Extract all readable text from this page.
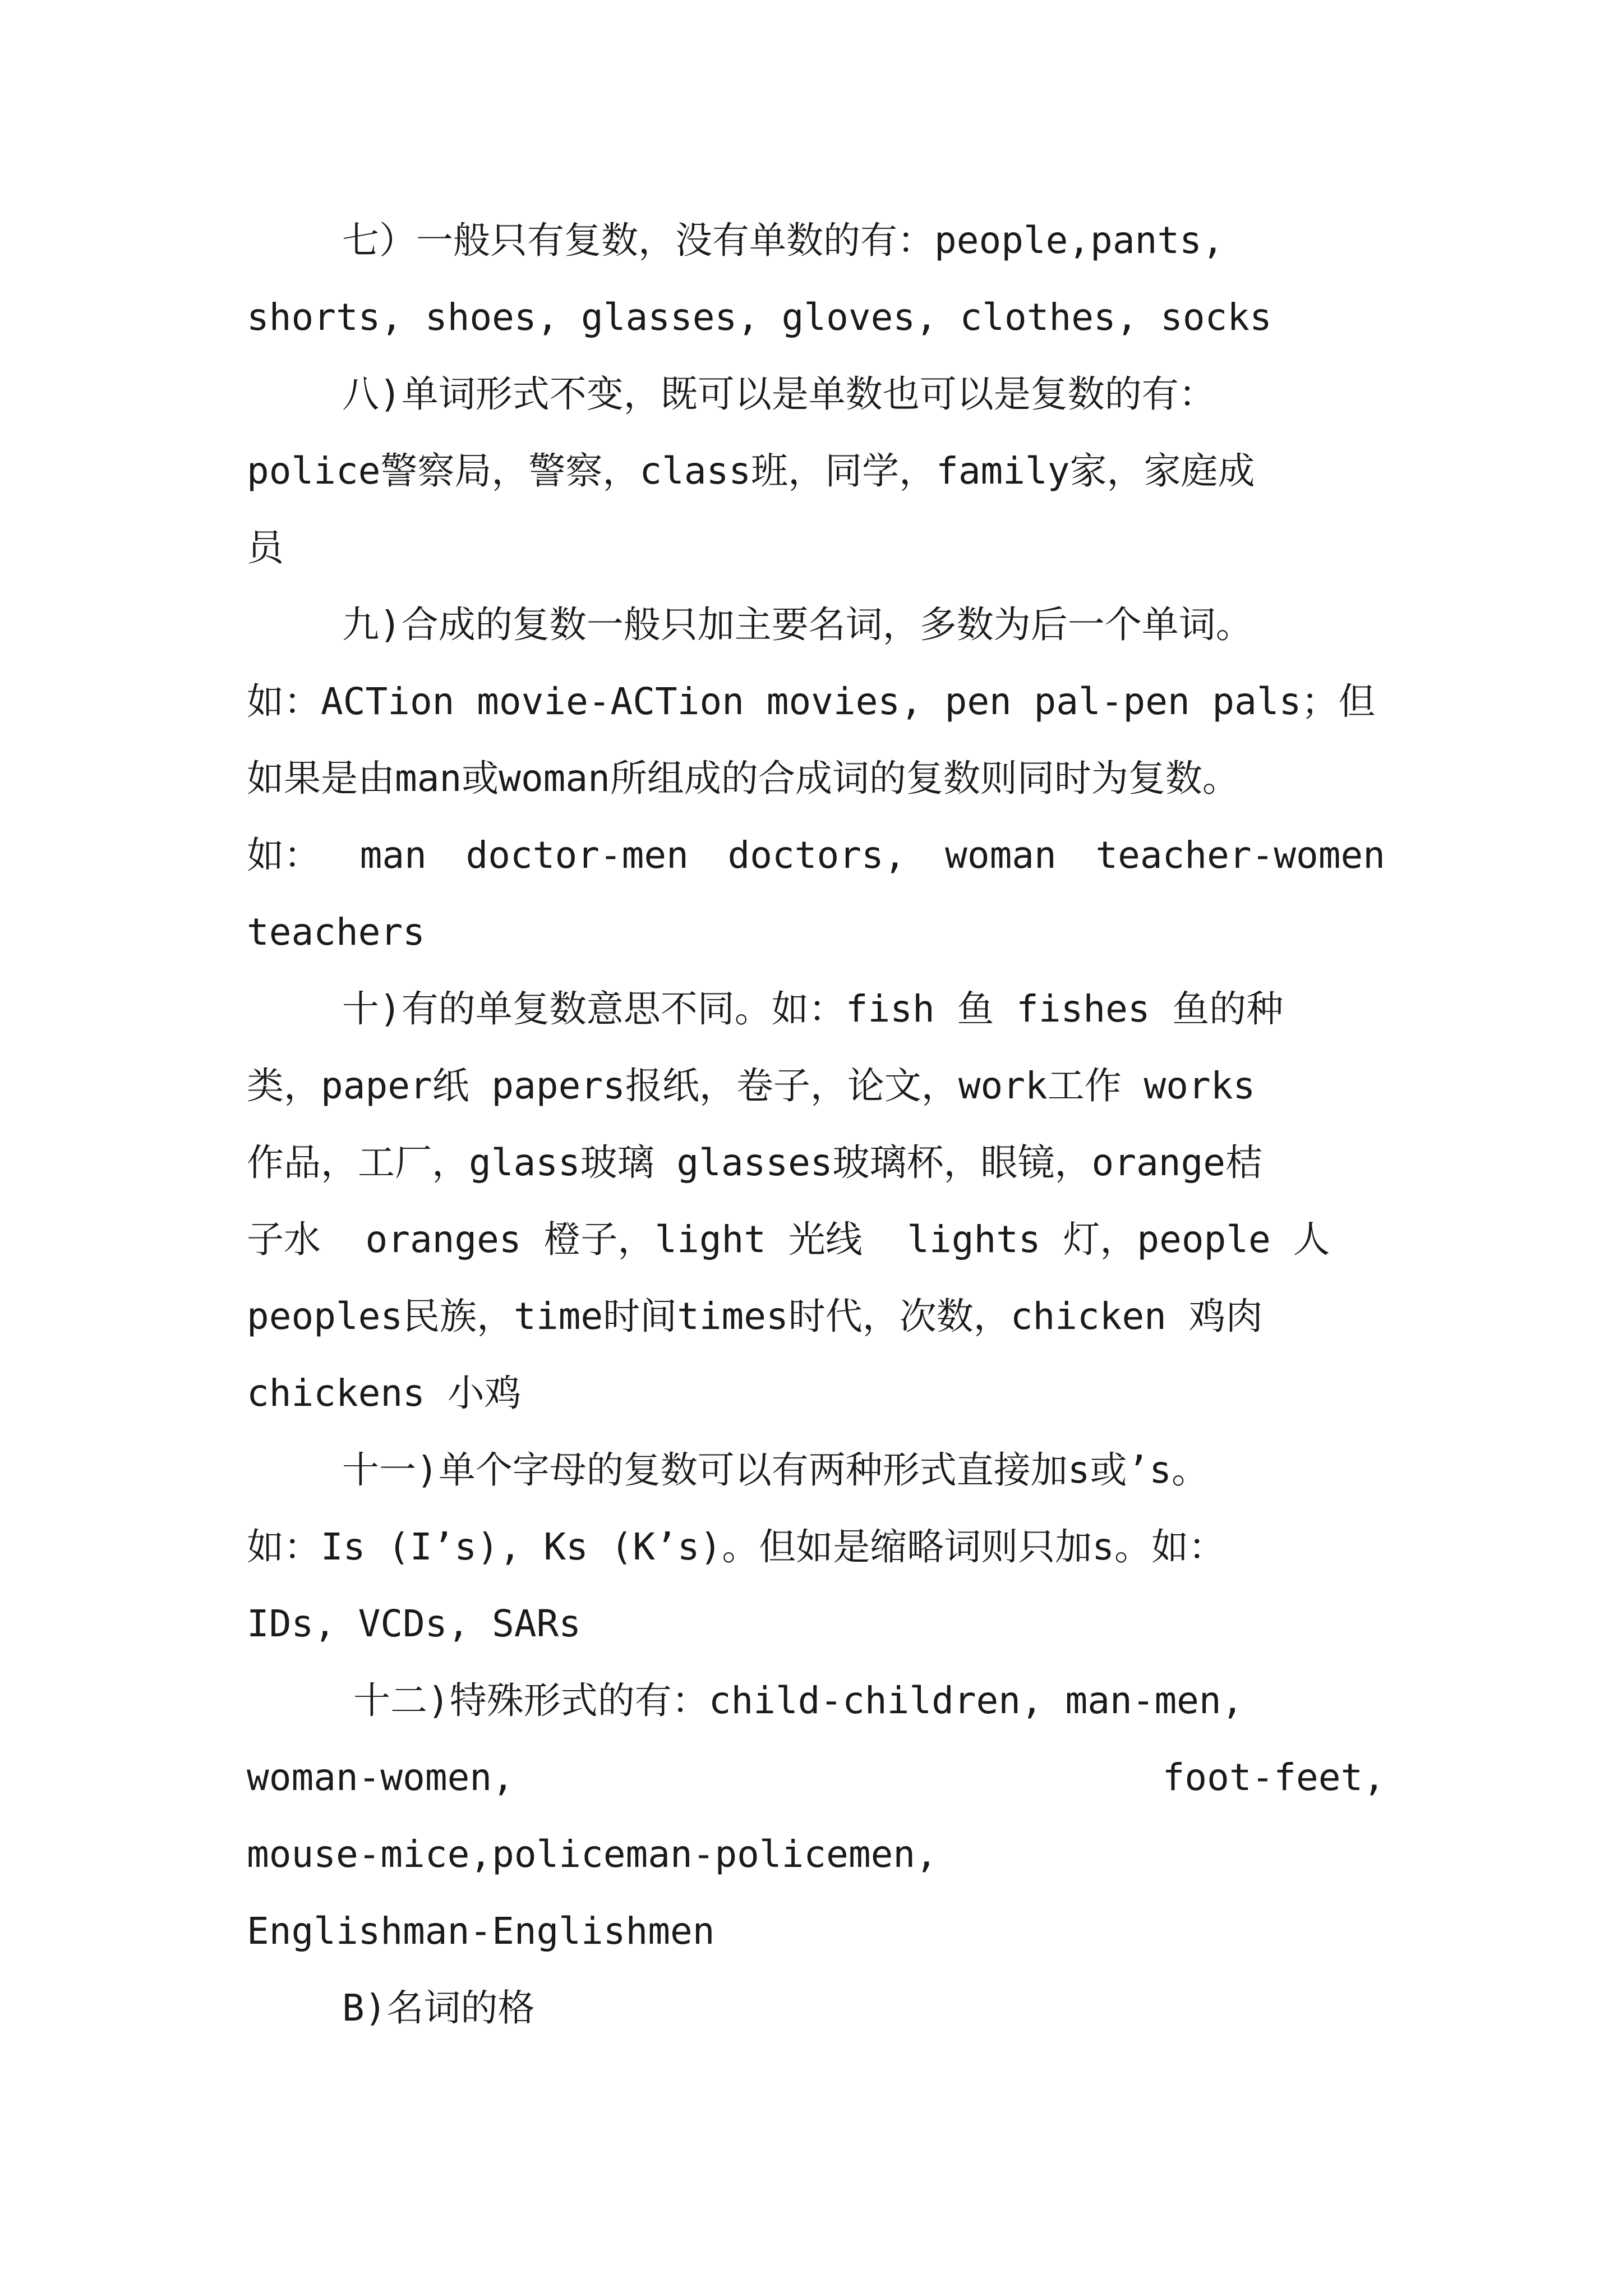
七）一般只有复数，没有单数的有：people,pants,
shorts, shoes, glasses, gloves, clothes, socks
八)单词形式不变，既可以是单数也可以是复数的有：
police警察局，警察，class班，同学，family家，家庭成
员
九)合成的复数一般只加主要名词，多数为后一个单词。
如：ACTion movie-ACTion movies, pen pal-pen pals；但
如果是由man或woman所组成的合成词的复数则同时为复数。
如： man doctor-men doctors, woman teacher-women
teachers
十)有的单复数意思不同。如：fish 鱼 fishes 鱼的种
类，paper纸 papers报纸，卷子，论文，work工作 works
作品，工厂，glass玻璃 glasses玻璃杯，眼镜，orange桔
子水  oranges 橙子，light 光线  lights 灯，people 人
peoples民族，time时间times时代，次数，chicken 鸡肉
chickens 小鸡
十一)单个字母的复数可以有两种形式直接加s或’s。
如：Is (I’s), Ks (K’s)。但如是缩略词则只加s。如：
IDs, VCDs, SARs
十二)特殊形式的有：child-children, man-men,
woman-women,	foot-feet,
mouse-mice,policeman-policemen,
Englishman-Englishmen
B)名词的格
